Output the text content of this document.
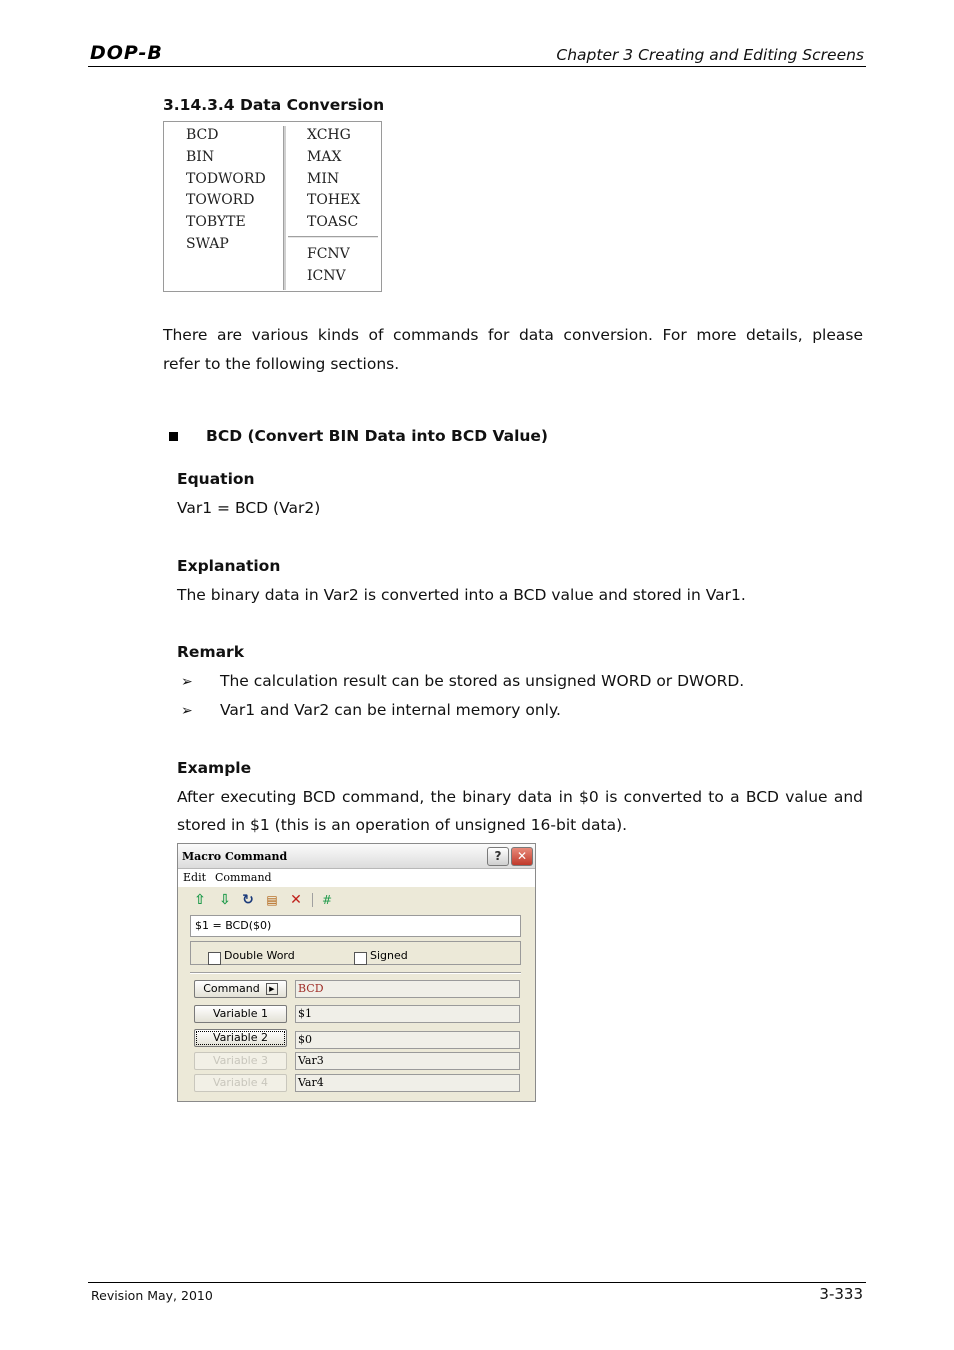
DOP-B	Chapter 3 Creating and Editing Screens
3.14.3.4 Data Conversion
BCD
BIN
TODWORD
TOWORD
TOBYTE
SWAP
XCHG
MAX
MIN
TOHEX
TOASC
FCNV
ICNV
There are various kinds of commands for data conversion. For more details, please
refer to the following sections.
BCD (Convert BIN Data into BCD Value)
Equation
Var1 = BCD (Var2)
Explanation
The binary data in Var2 is converted into a BCD value and stored in Var1.
Remark
➢ The calculation result can be stored as unsigned WORD or DWORD.
➢ Var1 and Var2 can be internal memory only.
Example
After executing BCD command, the binary data in $0 is converted to a BCD value and
stored in $1 (this is an operation of unsigned 16-bit data).
Macro Command	?	✕
Edit Command
⇧ ⇩ ↻ ▤ ✕	#
$1 = BCD($0)
Double Word	Signed
Command ▶	BCD
Variable 1	$1
Variable 2	$0
Variable 3	Var3
Variable 4	Var4
Revision May, 2010	3-333
